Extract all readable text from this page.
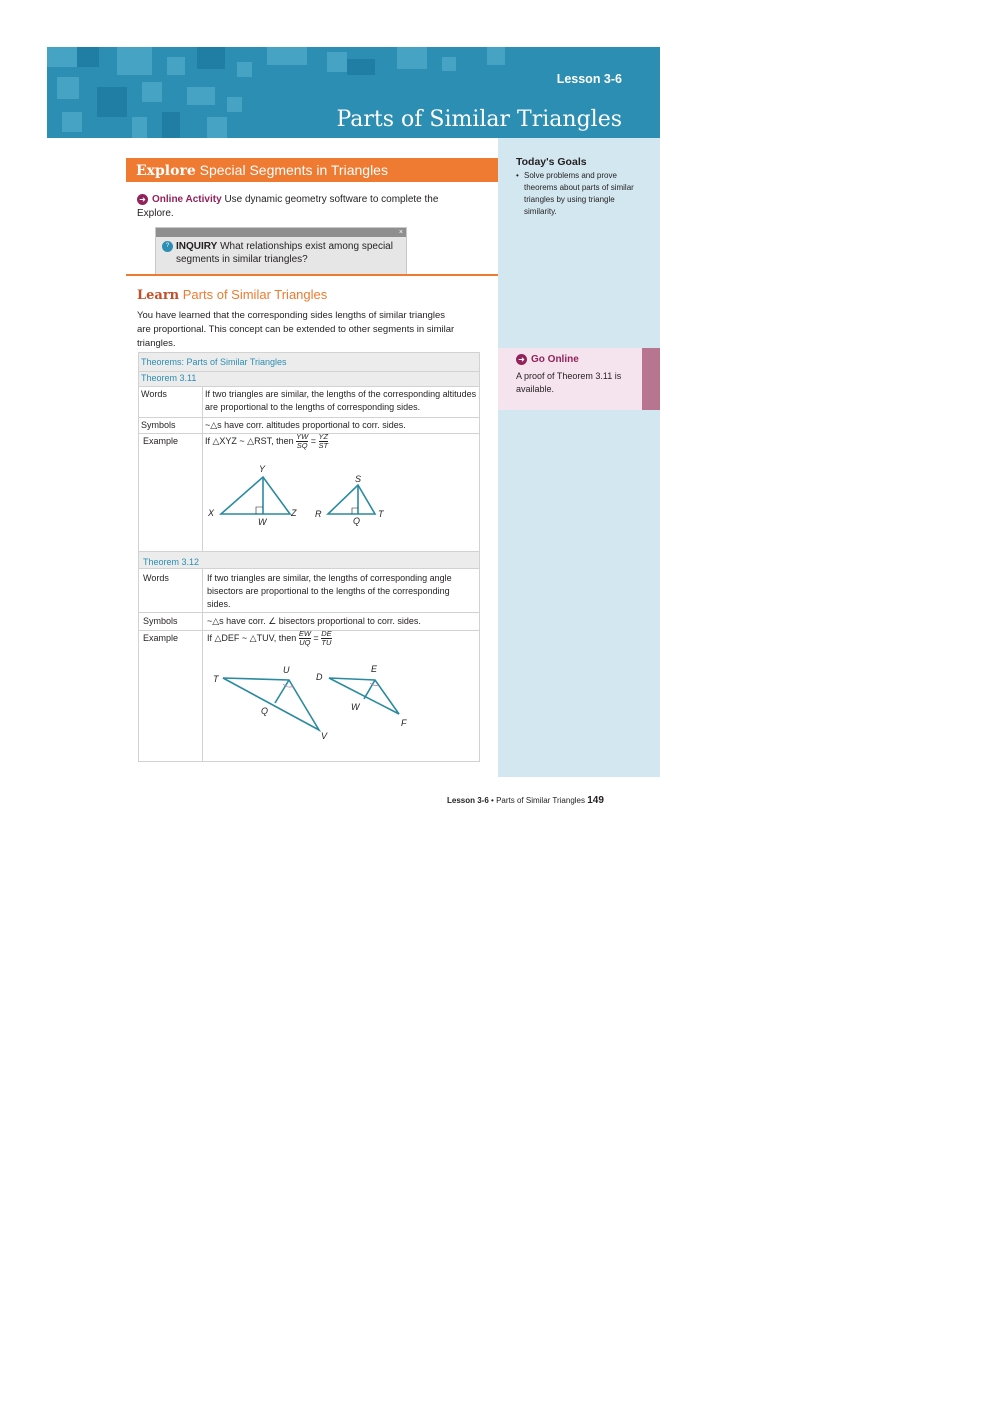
Lesson 3-6
Parts of Similar Triangles
Today's Goals
• Solve problems and prove theorems about parts of similar triangles by using triangle similarity.
➜ Go Online
A proof of Theorem 3.11 is available.
Explore Special Segments in Triangles
➜ Online Activity Use dynamic geometry software to complete the Explore.
×
? INQUIRY What relationships exist among special segments in similar triangles?
Learn Parts of Similar Triangles
You have learned that the corresponding sides lengths of similar triangles are proportional. This concept can be extended to other segments in similar triangles.
Theorems: Parts of Similar Triangles
Theorem 3.11
Words	If two triangles are similar, the lengths of the corresponding altitudes are proportional to the lengths of corresponding sides.
Symbols	~△s have corr. altitudes proportional to corr. sides.
Example	If △XYZ ~ △RST, then $\frac{YW}{SQ} = \frac{YZ}{ST}$
Y
X	Z
W
S
R	T
Q
Theorem 3.12
Words	If two triangles are similar, the lengths of corresponding angle bisectors are proportional to the lengths of the corresponding sides.
Symbols	~△s have corr. ∠ bisectors proportional to corr. sides.
Example	If △DEF ~ △TUV, then $\frac{EW}{UQ} = \frac{DE}{TU}$
T
U
Q
V
D
E
W
F
Lesson 3-6 • Parts of Similar Triangles 149
